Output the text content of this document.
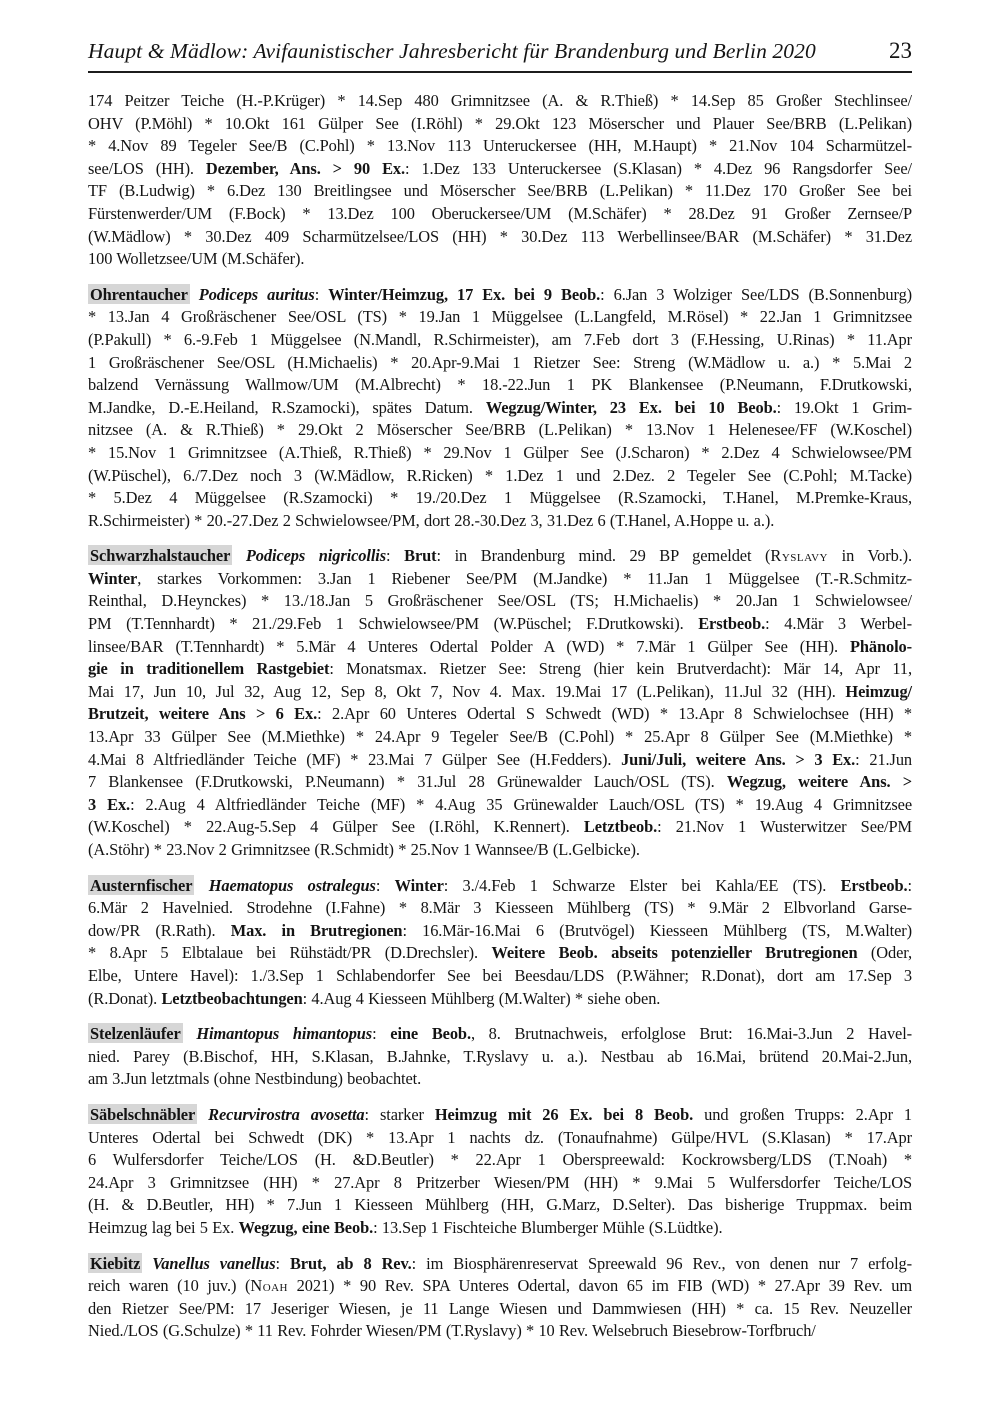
Haupt & Mädlow: Avifaunistischer Jahresbericht für Brandenburg und Berlin 2020	23
174 Peitzer Teiche (H.-P.Krüger) * 14.Sep 480 Grimnitzsee (A. & R.Thieß) * 14.Sep 85 Großer Stechlinsee/
OHV (P.Möhl) * 10.Okt 161 Gülper See (I.Röhl) * 29.Okt 123 Möserscher und Plauer See/BRB (L.Pelikan)
* 4.Nov 89 Tegeler See/B (C.Pohl) * 13.Nov 113 Unteruckersee (HH, M.Haupt) * 21.Nov 104 Scharmützel-
see/LOS (HH). Dezember, Ans. > 90 Ex.: 1.Dez 133 Unteruckersee (S.Klasan) * 4.Dez 96 Rangsdorfer See/
TF (B.Ludwig) * 6.Dez 130 Breitlingsee und Möserscher See/BRB (L.Pelikan) * 11.Dez 170 Großer See bei
Fürstenwerder/UM (F.Bock) * 13.Dez 100 Oberuckersee/UM (M.Schäfer) * 28.Dez 91 Großer Zernsee/P
(W.Mädlow) * 30.Dez 409 Scharmützelsee/LOS (HH) * 30.Dez 113 Werbellinsee/BAR (M.Schäfer) * 31.Dez
100 Wolletzsee/UM (M.Schäfer).
Ohrentaucher Podiceps auritus: Winter/Heimzug, 17 Ex. bei 9 Beob.: 6.Jan 3 Wolziger See/LDS (B.Sonnenburg)
* 13.Jan 4 Großräschener See/OSL (TS) * 19.Jan 1 Müggelsee (L.Langfeld, M.Rösel) * 22.Jan 1 Grimnitzsee
(P.Pakull) * 6.-9.Feb 1 Müggelsee (N.Mandl, R.Schirmeister), am 7.Feb dort 3 (F.Hessing, U.Rinas) * 11.Apr
1 Großräschener See/OSL (H.Michaelis) * 20.Apr-9.Mai 1 Rietzer See: Streng (W.Mädlow u. a.) * 5.Mai 2
balzend Vernässung Wallmow/UM (M.Albrecht) * 18.-22.Jun 1 PK Blankensee (P.Neumann, F.Drutkowski,
M.Jandke, D.-E.Heiland, R.Szamocki), spätes Datum. Wegzug/Winter, 23 Ex. bei 10 Beob.: 19.Okt 1 Grim-
nitzsee (A. & R.Thieß) * 29.Okt 2 Möserscher See/BRB (L.Pelikan) * 13.Nov 1 Helenesee/FF (W.Koschel)
* 15.Nov 1 Grimnitzsee (A.Thieß, R.Thieß) * 29.Nov 1 Gülper See (J.Scharon) * 2.Dez 4 Schwielowsee/PM
(W.Püschel), 6./7.Dez noch 3 (W.Mädlow, R.Ricken) * 1.Dez 1 und 2.Dez. 2 Tegeler See (C.Pohl; M.Tacke)
* 5.Dez 4 Müggelsee (R.Szamocki) * 19./20.Dez 1 Müggelsee (R.Szamocki, T.Hanel, M.Premke-Kraus,
R.Schirmeister) * 20.-27.Dez 2 Schwielowsee/PM, dort 28.-30.Dez 3, 31.Dez 6 (T.Hanel, A.Hoppe u. a.).
Schwarzhalstaucher Podiceps nigricollis: Brut: in Brandenburg mind. 29 BP gemeldet (Ryslavy in Vorb.).
Winter, starkes Vorkommen: 3.Jan 1 Riebener See/PM (M.Jandke) * 11.Jan 1 Müggelsee (T.-R.Schmitz-
Reinthal, D.Heynckes) * 13./18.Jan 5 Großräschener See/OSL (TS; H.Michaelis) * 20.Jan 1 Schwielowsee/
PM (T.Tennhardt) * 21./29.Feb 1 Schwielowsee/PM (W.Püschel; F.Drutkowski). Erstbeob.: 4.Mär 3 Werbel-
linsee/BAR (T.Tennhardt) * 5.Mär 4 Unteres Odertal Polder A (WD) * 7.Mär 1 Gülper See (HH). Phänolo-
gie in traditionellem Rastgebiet: Monatsmax. Rietzer See: Streng (hier kein Brutverdacht): Mär 14, Apr 11,
Mai 17, Jun 10, Jul 32, Aug 12, Sep 8, Okt 7, Nov 4. Max. 19.Mai 17 (L.Pelikan), 11.Jul 32 (HH). Heimzug/
Brutzeit, weitere Ans > 6 Ex.: 2.Apr 60 Unteres Odertal S Schwedt (WD) * 13.Apr 8 Schwielochsee (HH) *
13.Apr 33 Gülper See (M.Miethke) * 24.Apr 9 Tegeler See/B (C.Pohl) * 25.Apr 8 Gülper See (M.Miethke) *
4.Mai 8 Altfriedländer Teiche (MF) * 23.Mai 7 Gülper See (H.Fedders). Juni/Juli, weitere Ans. > 3 Ex.: 21.Jun
7 Blankensee (F.Drutkowski, P.Neumann) * 31.Jul 28 Grünewalder Lauch/OSL (TS). Wegzug, weitere Ans. >
3 Ex.: 2.Aug 4 Altfriedländer Teiche (MF) * 4.Aug 35 Grünewalder Lauch/OSL (TS) * 19.Aug 4 Grimnitzsee
(W.Koschel) * 22.Aug-5.Sep 4 Gülper See (I.Röhl, K.Rennert). Letztbeob.: 21.Nov 1 Wusterwitzer See/PM
(A.Stöhr) * 23.Nov 2 Grimnitzsee (R.Schmidt) * 25.Nov 1 Wannsee/B (L.Gelbicke).
Austernfischer Haematopus ostralegus: Winter: 3./4.Feb 1 Schwarze Elster bei Kahla/EE (TS). Erstbeob.:
6.Mär 2 Havelnied. Strodehne (I.Fahne) * 8.Mär 3 Kiesseen Mühlberg (TS) * 9.Mär 2 Elbvorland Garse-
dow/PR (R.Rath). Max. in Brutregionen: 16.Mär-16.Mai 6 (Brutvögel) Kiesseen Mühlberg (TS, M.Walter)
* 8.Apr 5 Elbtalaue bei Rühstädt/PR (D.Drechsler). Weitere Beob. abseits potenzieller Brutregionen (Oder,
Elbe, Untere Havel): 1./3.Sep 1 Schlabendorfer See bei Beesdau/LDS (P.Wähner; R.Donat), dort am 17.Sep 3
(R.Donat). Letztbeobachtungen: 4.Aug 4 Kiesseen Mühlberg (M.Walter) * siehe oben.
Stelzenläufer Himantopus himantopus: eine Beob., 8. Brutnachweis, erfolglose Brut: 16.Mai-3.Jun 2 Havel-
nied. Parey (B.Bischof, HH, S.Klasan, B.Jahnke, T.Ryslavy u. a.). Nestbau ab 16.Mai, brütend 20.Mai-2.Jun,
am 3.Jun letztmals (ohne Nestbindung) beobachtet.
Säbelschnäbler Recurvirostra avosetta: starker Heimzug mit 26 Ex. bei 8 Beob. und großen Trupps: 2.Apr 1
Unteres Odertal bei Schwedt (DK) * 13.Apr 1 nachts dz. (Tonaufnahme) Gülpe/HVL (S.Klasan) * 17.Apr
6 Wulfersdorfer Teiche/LOS (H. &D.Beutler) * 22.Apr 1 Oberspreewald: Kockrowsberg/LDS (T.Noah) *
24.Apr 3 Grimnitzsee (HH) * 27.Apr 8 Pritzerber Wiesen/PM (HH) * 9.Mai 5 Wulfersdorfer Teiche/LOS
(H. & D.Beutler, HH) * 7.Jun 1 Kiesseen Mühlberg (HH, G.Marz, D.Selter). Das bisherige Truppmax. beim
Heimzug lag bei 5 Ex. Wegzug, eine Beob.: 13.Sep 1 Fischteiche Blumberger Mühle (S.Lüdtke).
Kiebitz Vanellus vanellus: Brut, ab 8 Rev.: im Biosphärenreservat Spreewald 96 Rev., von denen nur 7 erfolg-
reich waren (10 juv.) (Noah 2021) * 90 Rev. SPA Unteres Odertal, davon 65 im FIB (WD) * 27.Apr 39 Rev. um
den Rietzer See/PM: 17 Jeseriger Wiesen, je 11 Lange Wiesen und Dammwiesen (HH) * ca. 15 Rev. Neuzeller
Nied./LOS (G.Schulze) * 11 Rev. Fohrder Wiesen/PM (T.Ryslavy) * 10 Rev. Welsebruch Biesebrow-Torfbruch/
